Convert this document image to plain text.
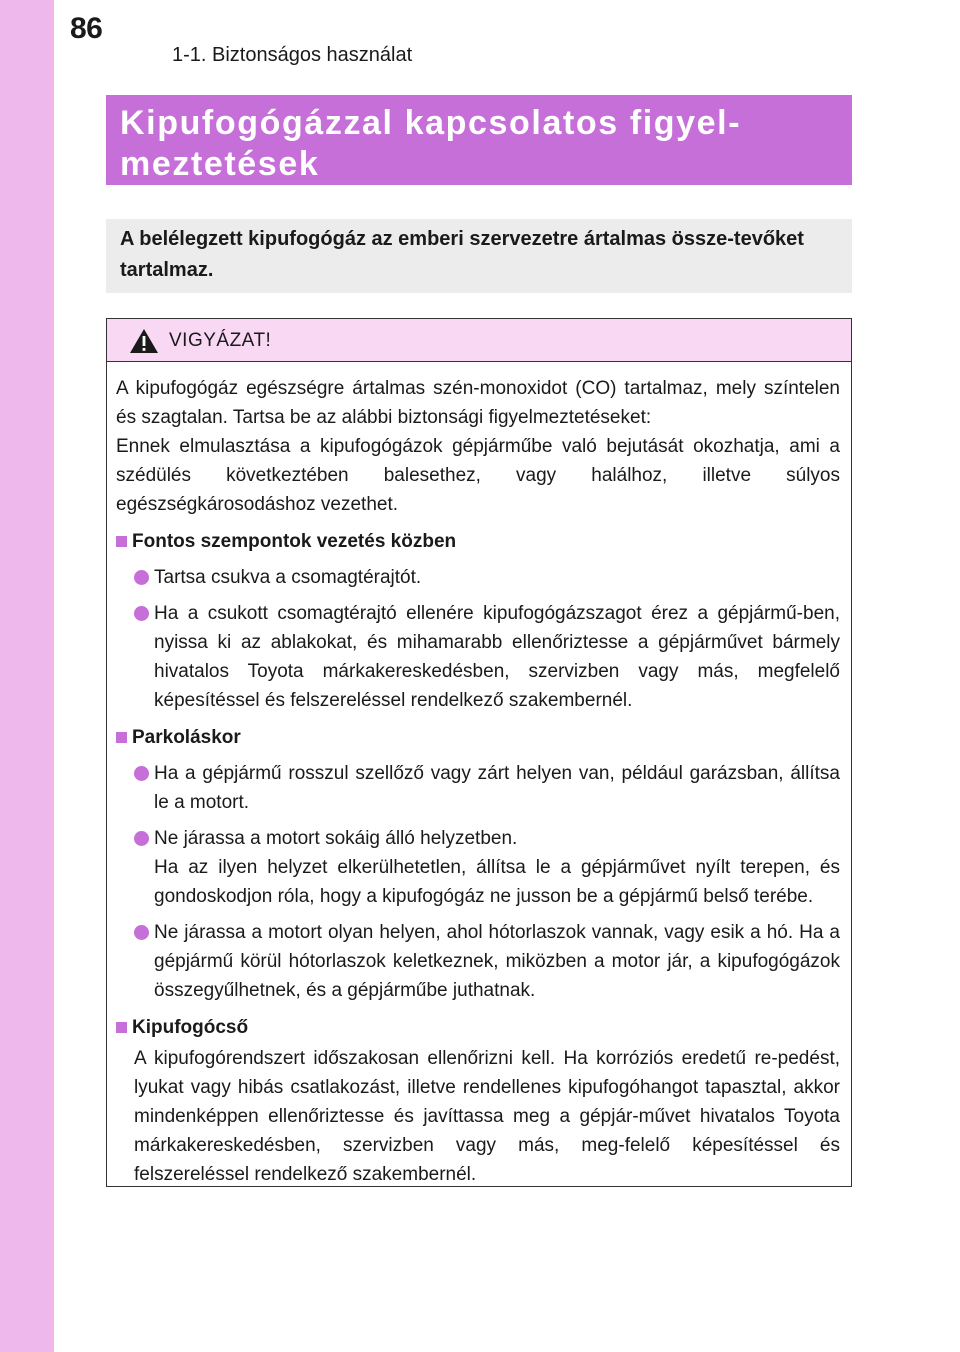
86
1-1. Biztonságos használat
Kipufogógázzal kapcsolatos figyel-meztetések
A belélegzett kipufogógáz az emberi szervezetre ártalmas össze-tevőket tartalmaz.
VIGYÁZAT!

A kipufogógáz egészségre ártalmas szén-monoxidot (CO) tartalmaz, mely színtelen és szagtalan. Tartsa be az alábbi biztonsági figyelmeztetéseket:

Ennek elmulasztása a kipufogógázok gépjárműbe való bejutását okozhatja, ami a szédülés következtében balesethez, vagy halálhoz, illetve súlyos egészségkárosodáshoz vezethet.

Fontos szempontok vezetés közben
Tartsa csukva a csomagtérajtót.
Ha a csukott csomagtérajtó ellenére kipufogógázszagot érez a gépjármű-ben, nyissa ki az ablakokat, és mihamarabb ellenőriztesse a gépjárművet bármely hivatalos Toyota márkakereskedésben, szervizben vagy más, megfelelő képesítéssel és felszereléssel rendelkező szakembernél.
Parkoláskor
Ha a gépjármű rosszul szellőző vagy zárt helyen van, például garázsban, állítsa le a motort.
Ne járassa a motort sokáig álló helyzetben.
Ha az ilyen helyzet elkerülhetetlen, állítsa le a gépjárművet nyílt terepen, és gondoskodjon róla, hogy a kipufogógáz ne jusson be a gépjármű belső terébe.
Ne járassa a motort olyan helyen, ahol hótorlaszok vannak, vagy esik a hó. Ha a gépjármű körül hótorlaszok keletkeznek, miközben a motor jár, a kipufogógázok összegyűlhetnek, és a gépjárműbe juthatnak.
Kipufogócső
A kipufogórendszert időszakosan ellenőrizni kell. Ha korróziós eredetű re-pedést, lyukat vagy hibás csatlakozást, illetve rendellenes kipufogóhangot tapasztal, akkor mindenképpen ellenőriztesse és javíttassa meg a gépjár-művet hivatalos Toyota márkakereskedésben, szervizben vagy más, meg-felelő képesítéssel és felszereléssel rendelkező szakembernél.
